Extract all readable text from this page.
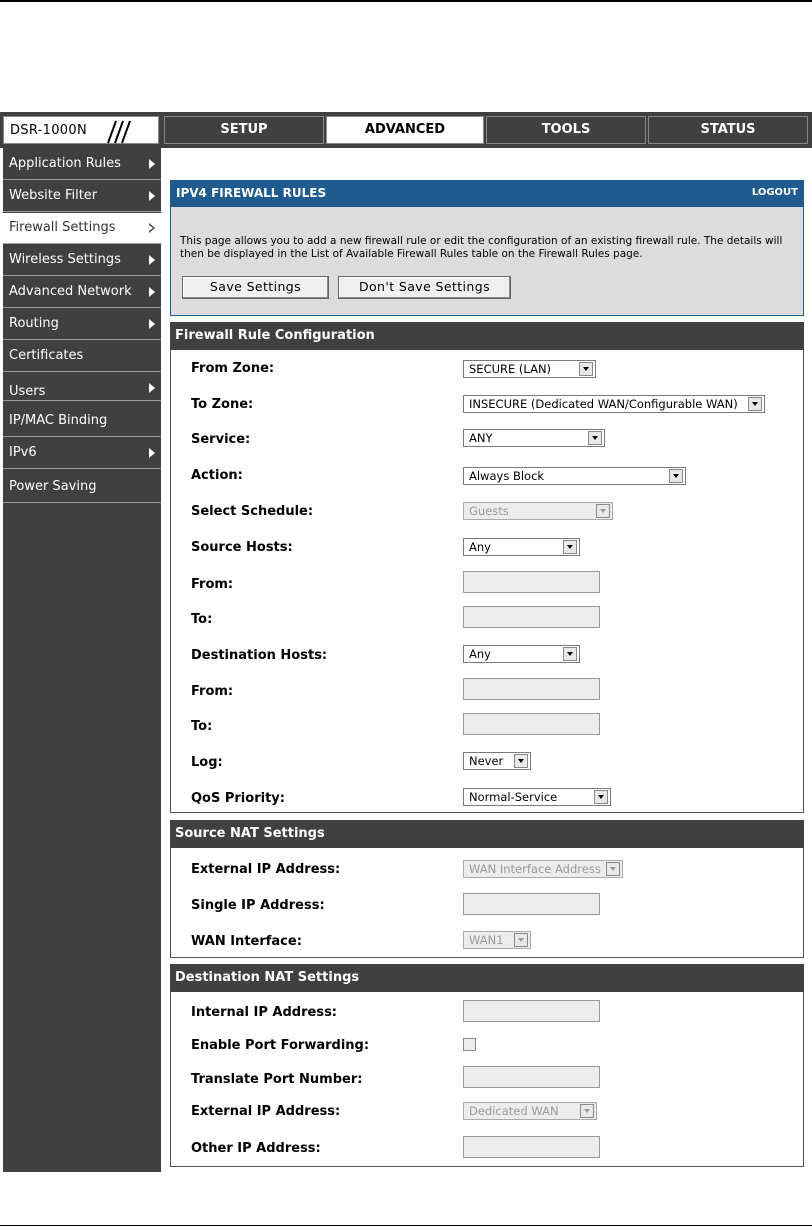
DSR-1000N	SETUP	ADVANCED	TOOLS	STATUS
Application Rules
Website Filter
Firewall Settings
Wireless Settings
Advanced Network
Routing
Certificates
Users
IP/MAC Binding
IPv6
Power Saving
IPV4 FIREWALL RULES	LOGOUT
This page allows you to add a new firewall rule or edit the configuration of an existing firewall rule. The details will then be displayed in the List of Available Firewall Rules table on the Firewall Rules page.
Save Settings	Don't Save Settings
Firewall Rule Configuration
From Zone:	SECURE (LAN)
To Zone:	INSECURE (Dedicated WAN/Configurable WAN)
Service:	ANY
Action:	Always Block
Select Schedule:	Guests
Source Hosts:	Any
From:
To:
Destination Hosts:	Any
From:
To:
Log:	Never
QoS Priority:	Normal-Service
Source NAT Settings
External IP Address:	WAN Interface Address
Single IP Address:
WAN Interface:	WAN1
Destination NAT Settings
Internal IP Address:
Enable Port Forwarding:
Translate Port Number:
External IP Address:	Dedicated WAN
Other IP Address:
